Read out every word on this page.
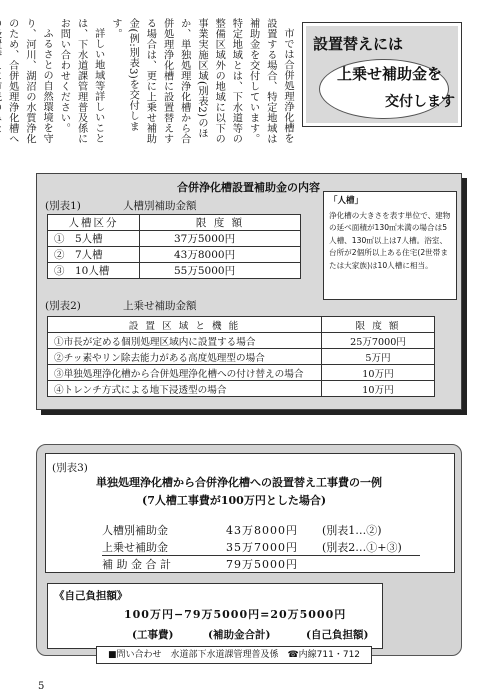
市では合併処理浄化槽を設置する場合、特定地域は補助金を交付しています。特定地域とは、下水道等の整備区域外の地域に以下の事業実施区域(別表2)のほか、単独処理浄化槽から合併処理浄化槽に設置替えする場合は、更に上乗せ補助金(例:別表3)を交付します。

詳しい地域等詳しいことは、下水道課管理普及係にお問い合わせください。

ふるさとの自然環境を守り、河川、湖沼の水質浄化のため、合併処理浄化槽へ

設置替えには
上乗せ補助金を
交付します
合併浄化槽設置補助金の内容
(別表1)	人槽別補助金額
人槽区分	限 度 額
①　5人槽	37万5000円
②　7人槽	43万8000円
③　10人槽	55万5000円
「人槽」
浄化槽の大きさを表す単位で、建物の延べ面積が130㎡未満の場合は5人槽、130㎡以上は7人槽。浴室、台所が2個所以上ある住宅(2世帯または大家族)は10人槽に相当。
(別表2)	上乗せ補助金額
設 置 区 域 と 機 能	限 度 額
①市長が定める個別処理区域内に設置する場合	25万7000円
②チッ素やリン除去能力がある高度処理型の場合	5万円
③単独処理浄化槽から合併処理浄化槽への付け替えの場合	10万円
④トレンチ方式による地下浸透型の場合	10万円
(別表3)
単独処理浄化槽から合併浄化槽への設置替え工事費の一例
(7人槽工事費が100万円とした場合)
人槽別補助金	43万8000円 (別表1…②)
上乗せ補助金	35万7000円 (別表2…①+③)
補 助 金 合 計	79万5000円
《自己負担額》
100万円−79万5000円=20万5000円
(工事費)	(補助金合計)	(自己負担額)
■問い合わせ　水道部下水道課管理普及係　☎内線711・712
5
